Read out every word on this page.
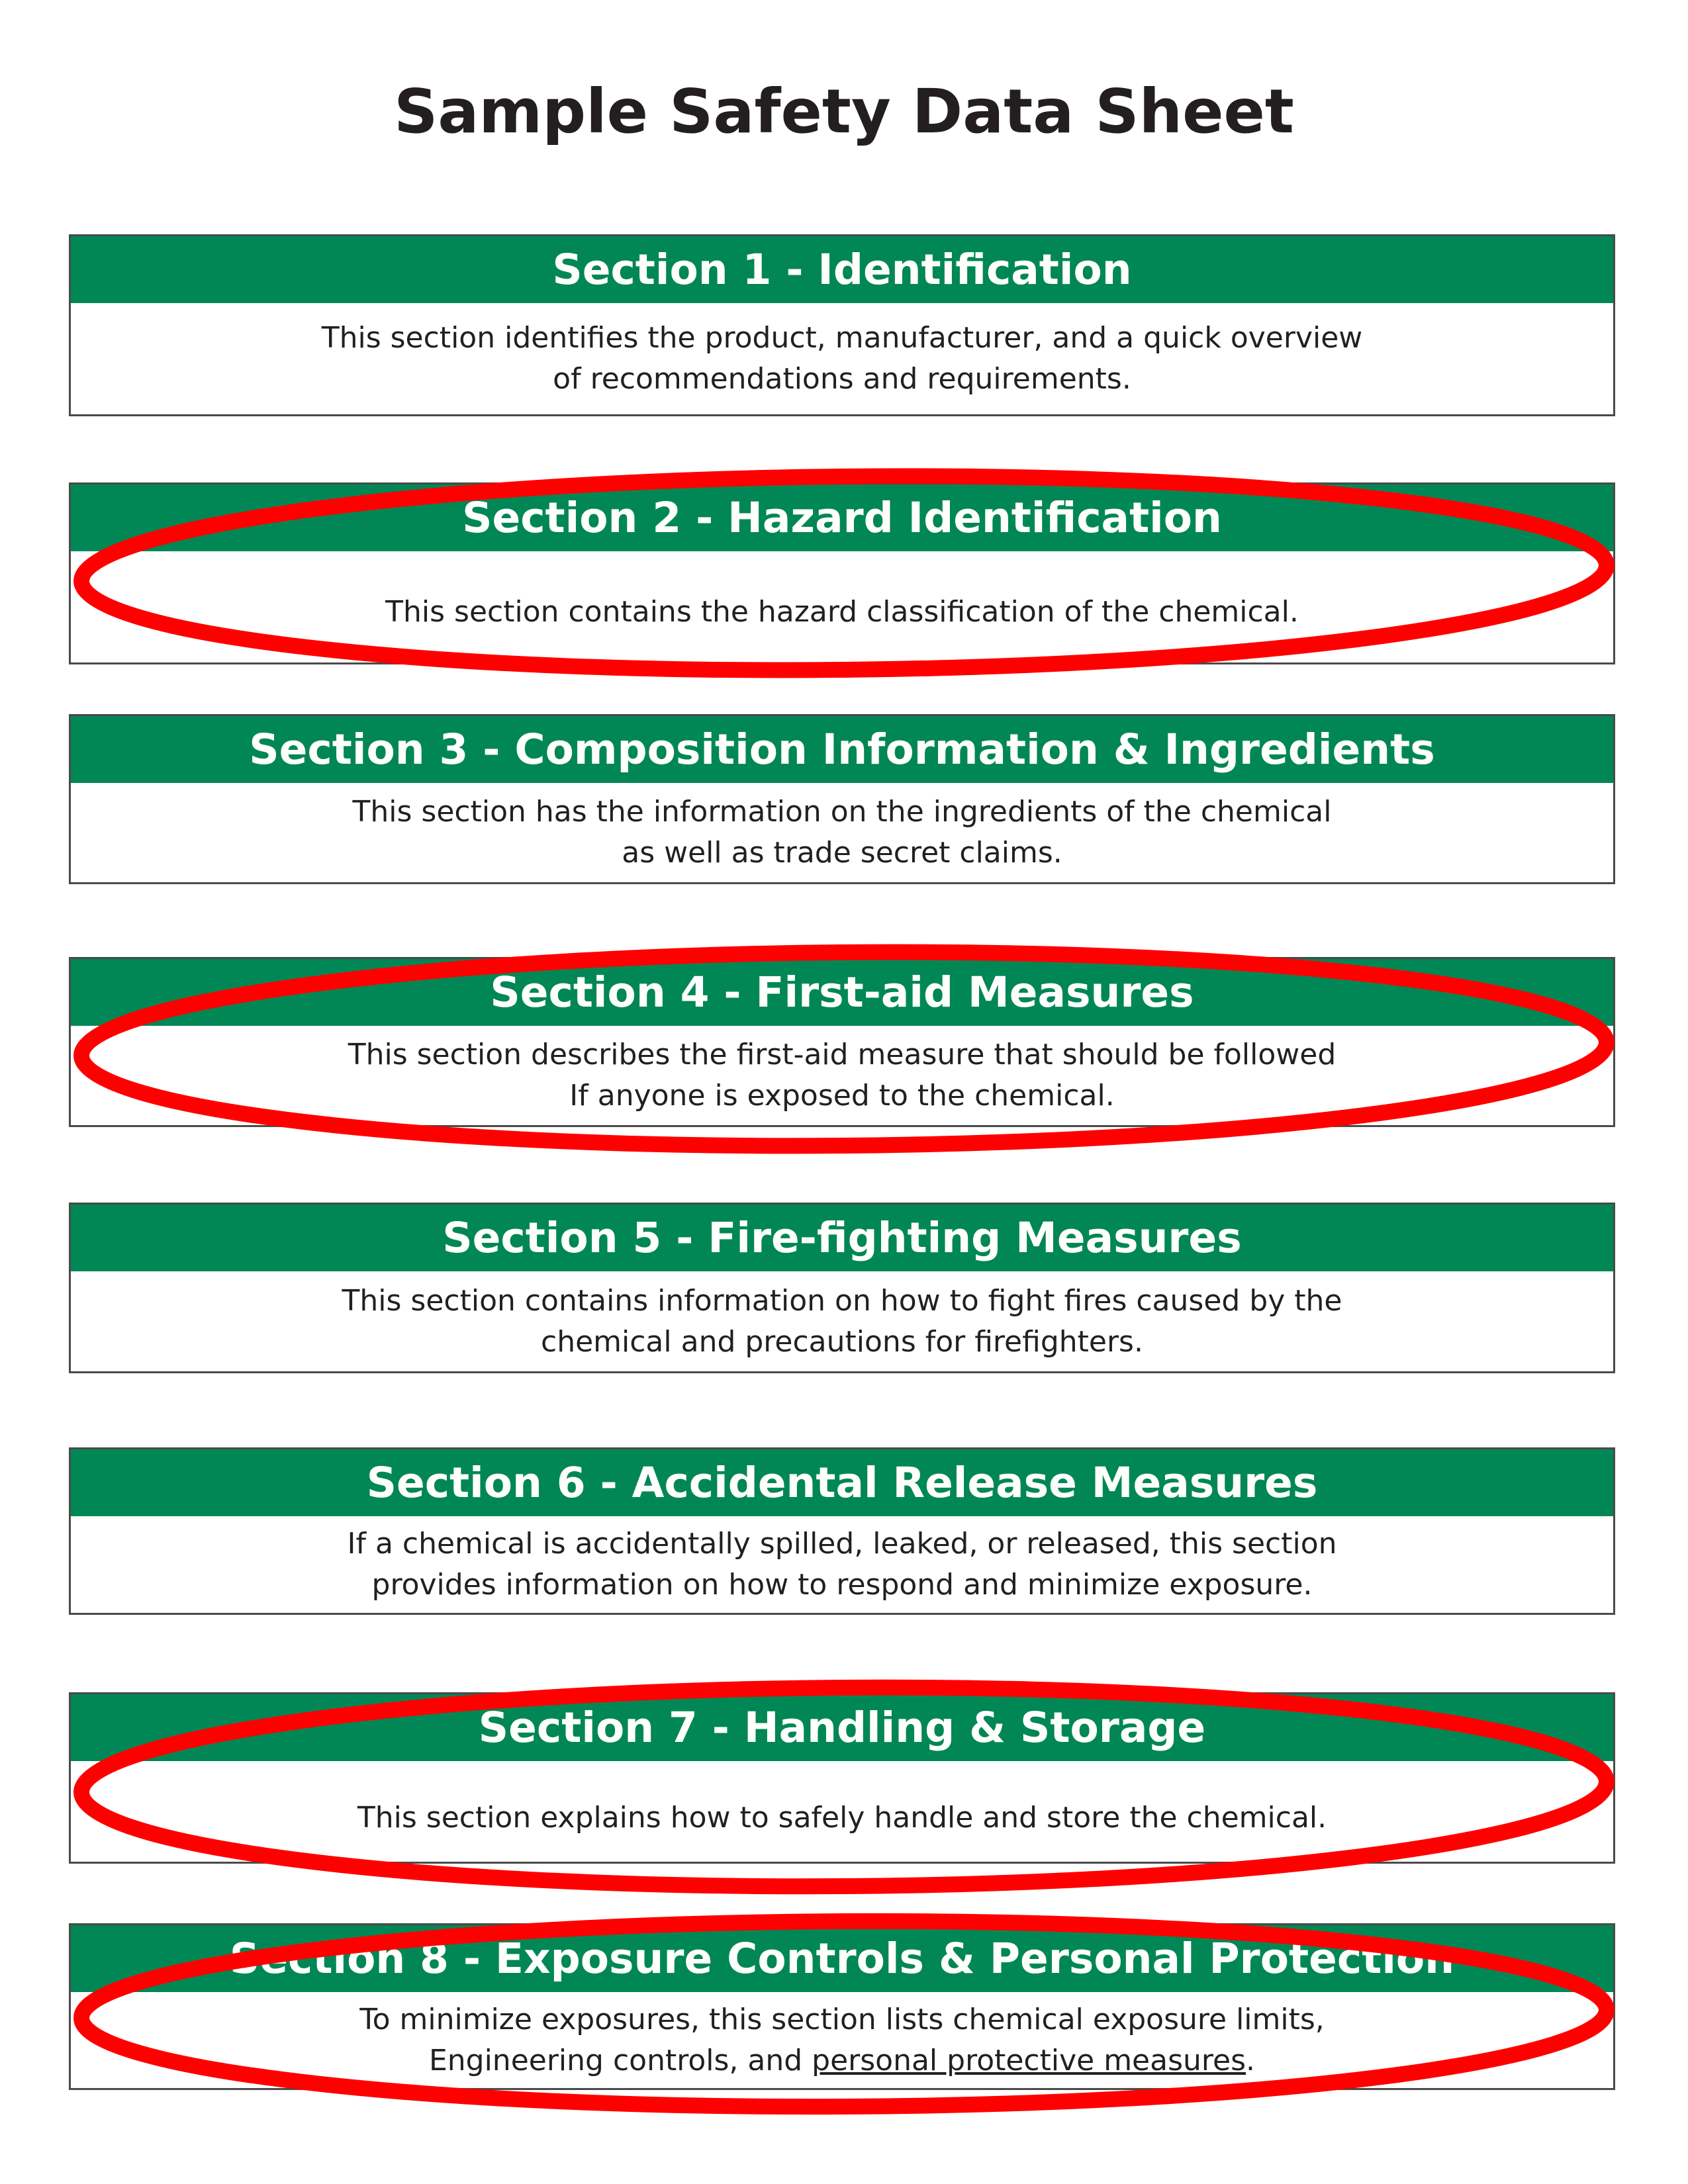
Sample Safety Data Sheet
Section 1 - Identification
This section identifies the product, manufacturer, and a quick overview
of recommendations and requirements.
Section 2 - Hazard Identification
This section contains the hazard classification of the chemical.
Section 3 - Composition Information & Ingredients
This section has the information on the ingredients of the chemical
as well as trade secret claims.
Section 4 - First-aid Measures
This section describes the first-aid measure that should be followed
If anyone is exposed to the chemical.
Section 5 - Fire-fighting Measures
This section contains information on how to fight fires caused by the
chemical and precautions for firefighters.
Section 6 - Accidental Release Measures
If a chemical is accidentally spilled, leaked, or released, this section
provides information on how to respond and minimize exposure.
Section 7 - Handling & Storage
This section explains how to safely handle and store the chemical.
Section 8 - Exposure Controls & Personal Protection
To minimize exposures, this section lists chemical exposure limits,
Engineering controls, and personal protective measures.
